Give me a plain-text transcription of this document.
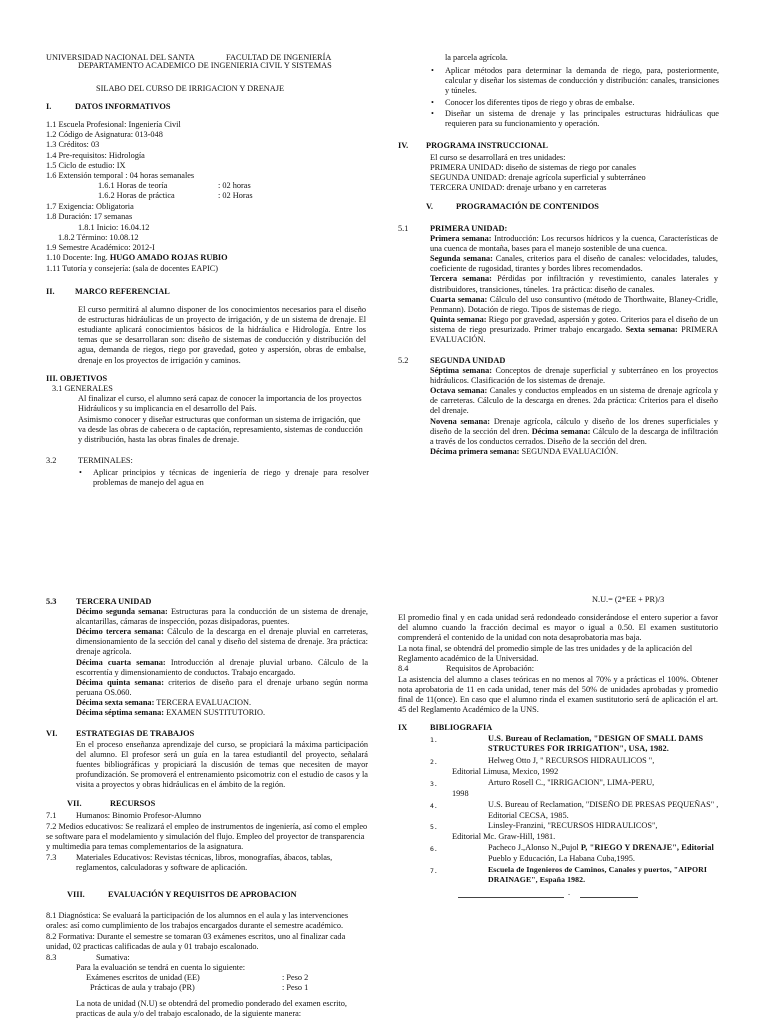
UNIVERSIDAD NACIONAL DEL SANTA	FACULTAD DE INGENIERÍA
DEPARTAMENTO ACADEMICO DE INGENIERIA CIVIL Y SISTEMAS
SILABO DEL CURSO DE IRRIGACION Y DRENAJE
I.	DATOS INFORMATIVOS
1.1 Escuela Profesional: Ingeniería Civil
1.2 Código de Asignatura: 013-048
1.3 Créditos: 03
1.4 Pre-requisitos: Hidrología
1.5 Ciclo de estudio: IX
1.6 Extensión temporal : 04 horas semanales
1.6.1 Horas de teoría	: 02 horas
1.6.2 Horas de práctica	: 02 Horas
1.7 Exigencia: Obligatoria
1.8 Duración: 17 semanas
1.8.1 Inicio: 16.04.12
1.8.2 Término: 10.08.12
1.9 Semestre Académico: 2012-I
1.10 Docente: Ing. HUGO AMADO ROJAS RUBIO
1.11 Tutoría y consejería: (sala de docentes EAPIC)
II. MARCO REFERENCIAL

El curso permitirá al alumno disponer de los conocimientos necesarios para el diseño de estructuras hidráulicas de un proyecto de irrigación, y de un sistema de drenaje. El estudiante aplicará conocimientos básicos de la hidráulica e Hidrología. Entre los temas que se desarrollaran son: diseño de sistemas de conducción y distribución del agua, demanda de riegos, riego por gravedad, goteo y aspersión, obras de embalse, drenaje en los proyectos de irrigación y caminos.

III. OBJETIVOS
3.1 GENERALES

Al finalizar el curso, el alumno será capaz de conocer la importancia de los proyectos Hidráulicos y su implicancia en el desarrollo del País.

Asimismo conocer y diseñar estructuras que conforman un sistema de irrigación, que va desde las obras de cabecera o de captación, represamiento, sistemas de conducción y distribución, hasta las obras finales de drenaje.

3.2	TERMINALES:

• Aplicar principios y técnicas de ingeniería de riego y drenaje para resolver problemas de manejo del agua en

la parcela agrícola.

• Aplicar métodos para determinar la demanda de riego, para, posteriormente, calcular y diseñar los sistemas de conducción y distribución: canales, transiciones y túneles.

• Conocer los diferentes tipos de riego y obras de embalse.

• Diseñar un sistema de drenaje y las principales estructuras hidráulicas que requieren para su funcionamiento y operación.

IV. PROGRAMA INSTRUCCIONAL
El curso se desarrollará en tres unidades:
PRIMERA UNIDAD: diseño de sistemas de riego por canales
SEGUNDA UNIDAD: drenaje agrícola superficial y subterráneo
TERCERA UNIDAD: drenaje urbano y en carreteras
V.	PROGRAMACIÓN DE CONTENIDOS
5.1	PRIMERA UNIDAD:

Primera semana: Introducción: Los recursos hídricos y la cuenca, Características de una cuenca de montaña, bases para el manejo sostenible de una cuenca.

Segunda semana: Canales, criterios para el diseño de canales: velocidades, taludes, coeficiente de rugosidad, tirantes y bordes libres recomendados.

Tercera semana: Pérdidas por infiltración y revestimiento, canales laterales y distribuidores, transiciones, túneles. 1ra práctica: diseño de canales.

Cuarta semana: Cálculo del uso consuntivo (método de Thorthwaite, Blaney-Cridle, Penmann). Dotación de riego. Tipos de sistemas de riego.

Quinta semana: Riego por gravedad, aspersión y goteo. Criterios para el diseño de un sistema de riego presurizado. Primer trabajo encargado. Sexta semana: PRIMERA EVALUACIÓN.

5.2	SEGUNDA UNIDAD

Séptima semana: Conceptos de drenaje superficial y subterráneo en los proyectos hidráulicos. Clasificación de los sistemas de drenaje.

Octava semana: Canales y conductos empleados en un sistema de drenaje agrícola y de carreteras. Cálculo de la descarga en drenes. 2da práctica: Criterios para el diseño del drenaje.

Novena semana: Drenaje agrícola, cálculo y diseño de los drenes superficiales y diseño de la sección del dren. Décima semana: Cálculo de la descarga de infiltración a través de los conductos cerrados. Diseño de la sección del dren.

Décima primera semana: SEGUNDA EVALUACIÓN.

5.3 TERCERA UNIDAD

Décimo segunda semana: Estructuras para la conducción de un sistema de drenaje, alcantarillas, cámaras de inspección, pozas disipadoras, puentes.

Décimo tercera semana: Cálculo de la descarga en el drenaje pluvial en carreteras, dimensionamiento de la sección del canal y diseño del sistema de drenaje. 3ra práctica: drenaje agrícola.

Décima cuarta semana: Introducción al drenaje pluvial urbano. Cálculo de la escorrentía y dimensionamiento de conductos. Trabajo encargado.

Décima quinta semana: criterios de diseño para el drenaje urbano según norma peruana OS.060.

Décima sexta semana: TERCERA EVALUACION.

Décima séptima semana: EXAMEN SUSTITUTORIO.

VI. ESTRATEGIAS DE TRABAJOS

En el proceso enseñanza aprendizaje del curso, se propiciará la máxima participación del alumno. El profesor será un guía en la tarea estudiantil del proyecto, señalará fuentes bibliográficas y propiciará la discusión de temas que necesiten de mayor profundización. Se promoverá el entrenamiento psicomotriz con el estudio de casos y la visita a proyectos y obras hidráulicas en el ámbito de la región.

VII.	RECURSOS
7.1 Humanos: Binomio Profesor-Alumno

7.2 Medios educativos: Se realizará el empleo de instrumentos de ingeniería, así como el empleo se software para el modelamiento y simulación del flujo. Empleo del proyector de transparencia y multimedia para temas complementarios de la asignatura.

7.3 Materiales Educativos: Revistas técnicas, libros, monografías, ábacos, tablas, reglamentos, calculadoras y software de aplicación.

VIII.	EVALUACIÓN Y REQUISITOS DE APROBACION

8.1 Diagnóstica: Se evaluará la participación de los alumnos en el aula y las intervenciones orales: así como cumplimiento de los trabajos encargados durante el semestre académico.

8.2 Formativa: Durante el semestre se tomaran 03 exámenes escritos, uno al finalizar cada unidad, 02 practicas calificadas de aula y 01 trabajo escalonado.

8.3	Sumativa:
Para la evaluación se tendrá en cuenta lo siguiente:
Exámenes escritos de unidad (EE)	: Peso 2
Prácticas de aula y trabajo (PR)	: Peso 1

La nota de unidad (N.U) se obtendrá del promedio ponderado del examen escrito, practicas de aula y/o del trabajo escalonado, de la siguiente manera:

N.U.= (2*EE + PR)/3

El promedio final y en cada unidad será redondeado considerándose el entero superior a favor del alumno cuando la fracción decimal es mayor o igual a 0.50. El examen sustitutorio comprenderá el contenido de la unidad con nota desaprobatoria mas baja.

La nota final, se obtendrá del promedio simple de las tres unidades y de la aplicación del Reglamento académico de la Universidad.

8.4	Requisitos de Aprobación:

La asistencia del alumno a clases teóricas en no menos al 70% y a prácticas el 100%. Obtener nota aprobatoria de 11 en cada unidad, tener más del 50% de unidades aprobadas y promedio final de 11(once). En caso que el alumno rinda el examen sustitutorio será de aplicación el art. 45 del Reglamento Académico de la UNS.

IX	BIBLIOGRAFIA
1.	U.S. Bureau of Reclamation, "DESIGN OF SMALL DAMS STRUCTURES FOR IRRIGATION", USA, 1982.

2.	Helweg Otto J, " RECURSOS HIDRAULICOS ",
Editorial Limusa, Mexico, 1992
3.	Arturo Rosell C., "IRRIGACION", LIMA-PERU,
1998
4.	U.S. Bureau of Reclamation, "DISEÑO DE PRESAS PEQUEÑAS" ,
Editorial CECSA, 1985.
5.	Linsley-Franzini, "RECURSOS HIDRAULICOS",
Editorial Mc. Graw-Hill, 1981.
6.	Pacheco J.,Alonso N.,Pujol P, "RIEGO Y DRENAJE", Editorial
Pueblo y Educación, La Habana Cuba,1995.
7.	Escuela de Ingenieros de Caminos, Canales y puertos, "AIPORI DRAINAGE", España 1982.

.
